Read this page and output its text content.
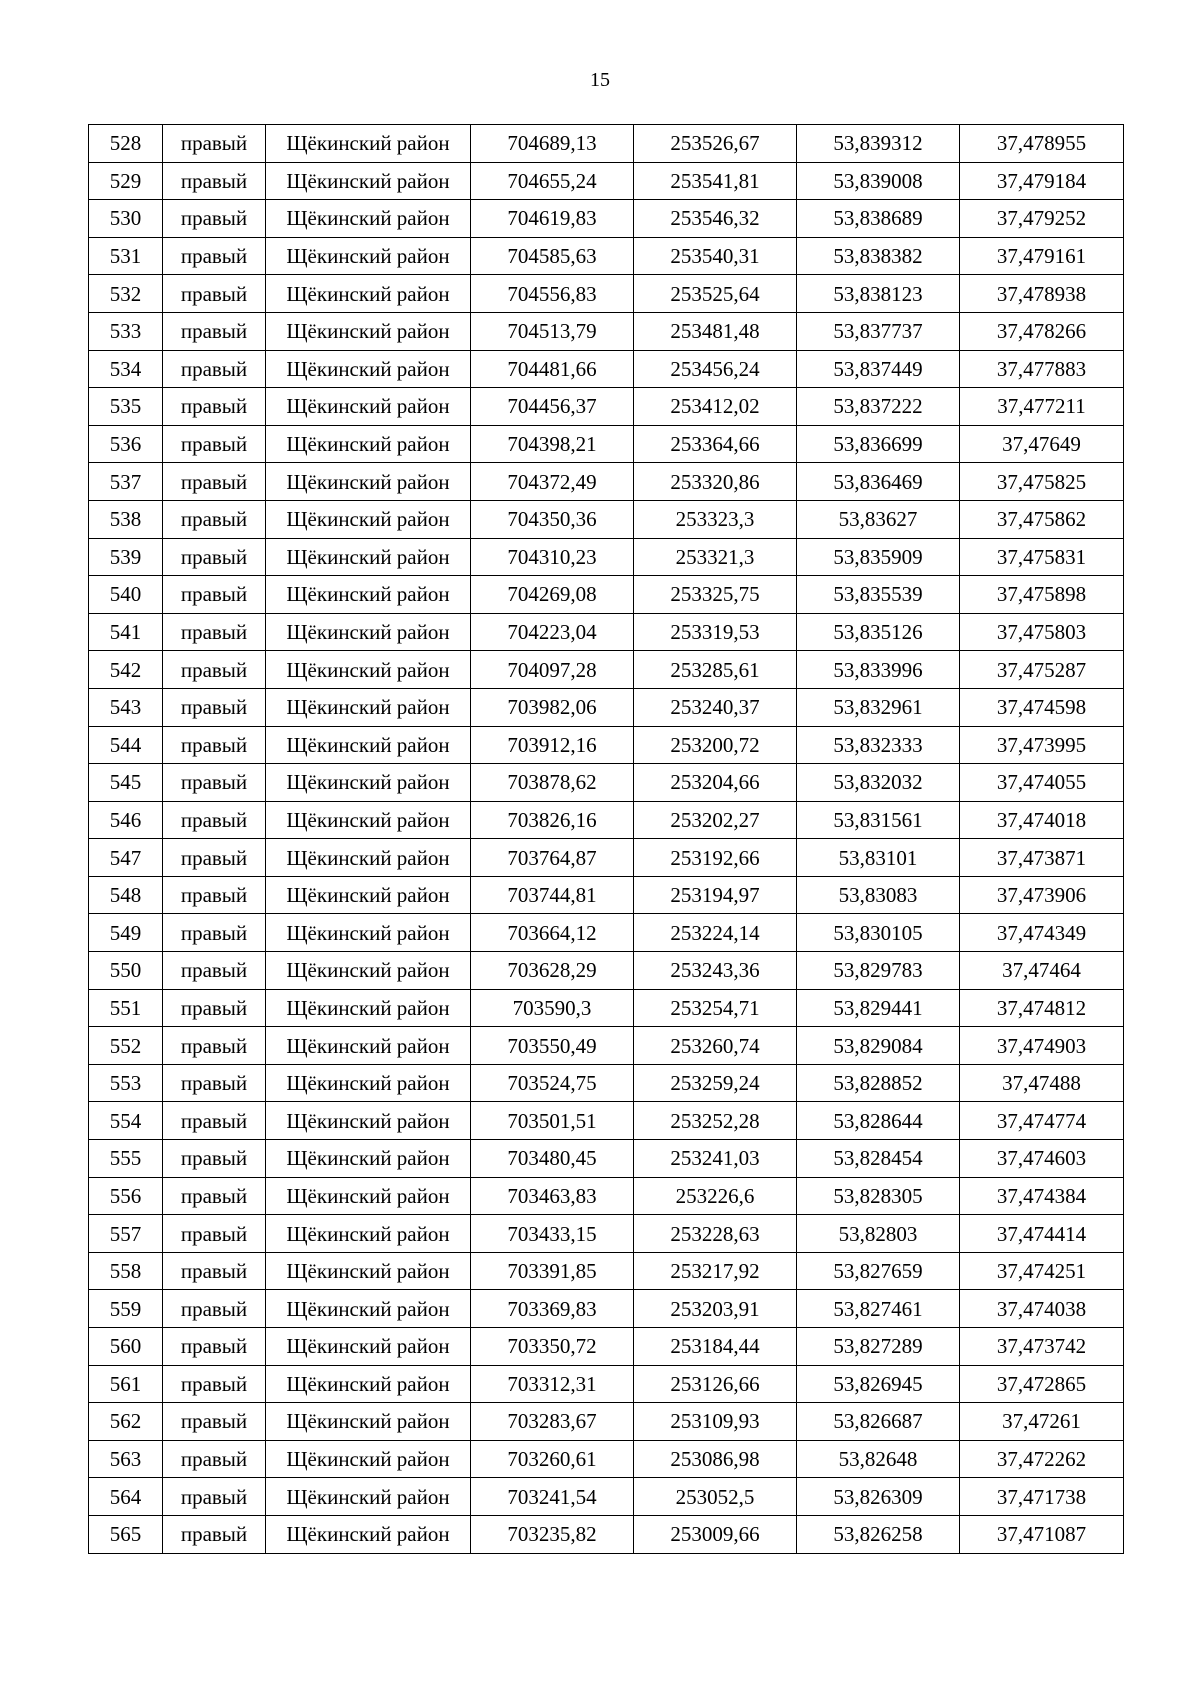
15
528	правый	Щёкинский район	704689,13	253526,67	53,839312	37,478955
529	правый	Щёкинский район	704655,24	253541,81	53,839008	37,479184
530	правый	Щёкинский район	704619,83	253546,32	53,838689	37,479252
531	правый	Щёкинский район	704585,63	253540,31	53,838382	37,479161
532	правый	Щёкинский район	704556,83	253525,64	53,838123	37,478938
533	правый	Щёкинский район	704513,79	253481,48	53,837737	37,478266
534	правый	Щёкинский район	704481,66	253456,24	53,837449	37,477883
535	правый	Щёкинский район	704456,37	253412,02	53,837222	37,477211
536	правый	Щёкинский район	704398,21	253364,66	53,836699	37,47649
537	правый	Щёкинский район	704372,49	253320,86	53,836469	37,475825
538	правый	Щёкинский район	704350,36	253323,3	53,83627	37,475862
539	правый	Щёкинский район	704310,23	253321,3	53,835909	37,475831
540	правый	Щёкинский район	704269,08	253325,75	53,835539	37,475898
541	правый	Щёкинский район	704223,04	253319,53	53,835126	37,475803
542	правый	Щёкинский район	704097,28	253285,61	53,833996	37,475287
543	правый	Щёкинский район	703982,06	253240,37	53,832961	37,474598
544	правый	Щёкинский район	703912,16	253200,72	53,832333	37,473995
545	правый	Щёкинский район	703878,62	253204,66	53,832032	37,474055
546	правый	Щёкинский район	703826,16	253202,27	53,831561	37,474018
547	правый	Щёкинский район	703764,87	253192,66	53,83101	37,473871
548	правый	Щёкинский район	703744,81	253194,97	53,83083	37,473906
549	правый	Щёкинский район	703664,12	253224,14	53,830105	37,474349
550	правый	Щёкинский район	703628,29	253243,36	53,829783	37,47464
551	правый	Щёкинский район	703590,3	253254,71	53,829441	37,474812
552	правый	Щёкинский район	703550,49	253260,74	53,829084	37,474903
553	правый	Щёкинский район	703524,75	253259,24	53,828852	37,47488
554	правый	Щёкинский район	703501,51	253252,28	53,828644	37,474774
555	правый	Щёкинский район	703480,45	253241,03	53,828454	37,474603
556	правый	Щёкинский район	703463,83	253226,6	53,828305	37,474384
557	правый	Щёкинский район	703433,15	253228,63	53,82803	37,474414
558	правый	Щёкинский район	703391,85	253217,92	53,827659	37,474251
559	правый	Щёкинский район	703369,83	253203,91	53,827461	37,474038
560	правый	Щёкинский район	703350,72	253184,44	53,827289	37,473742
561	правый	Щёкинский район	703312,31	253126,66	53,826945	37,472865
562	правый	Щёкинский район	703283,67	253109,93	53,826687	37,47261
563	правый	Щёкинский район	703260,61	253086,98	53,82648	37,472262
564	правый	Щёкинский район	703241,54	253052,5	53,826309	37,471738
565	правый	Щёкинский район	703235,82	253009,66	53,826258	37,471087
